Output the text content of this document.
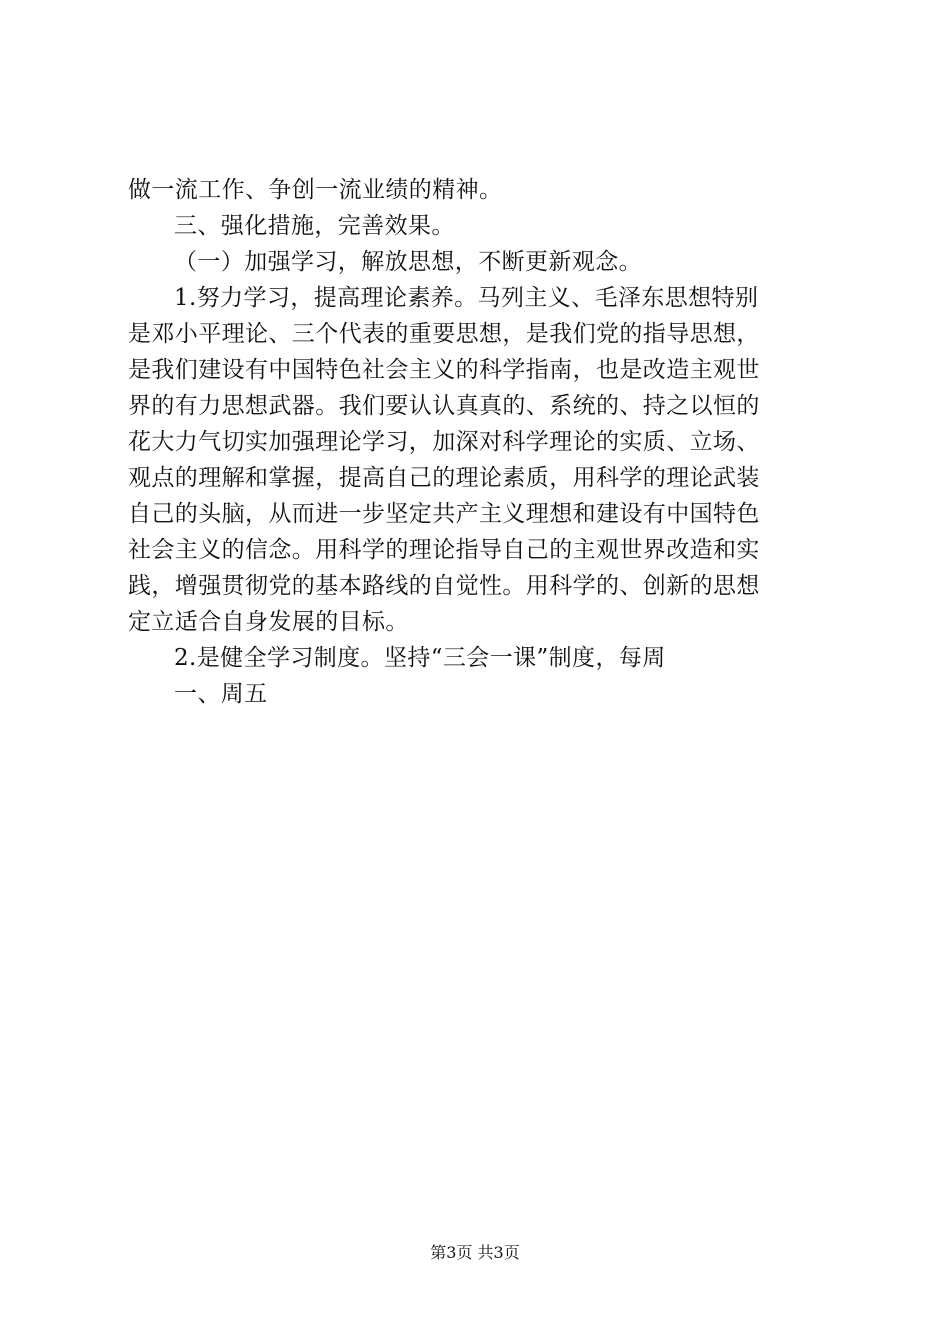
做一流工作、争创一流业绩的精神。
三、强化措施，完善效果。
（一）加强学习，解放思想，不断更新观念。
1.努力学习，提高理论素养。马列主义、毛泽东思想特别
是邓小平理论、三个代表的重要思想，是我们党的指导思想，
是我们建设有中国特色社会主义的科学指南，也是改造主观世
界的有力思想武器。我们要认认真真的、系统的、持之以恒的
花大力气切实加强理论学习，加深对科学理论的实质、立场、
观点的理解和掌握，提高自己的理论素质，用科学的理论武装
自己的头脑，从而进一步坚定共产主义理想和建设有中国特色
社会主义的信念。用科学的理论指导自己的主观世界改造和实
践，增强贯彻党的基本路线的自觉性。用科学的、创新的思想
定立适合自身发展的目标。
2.是健全学习制度。坚持“三会一课”制度，每周
一、周五
第3页 共3页
